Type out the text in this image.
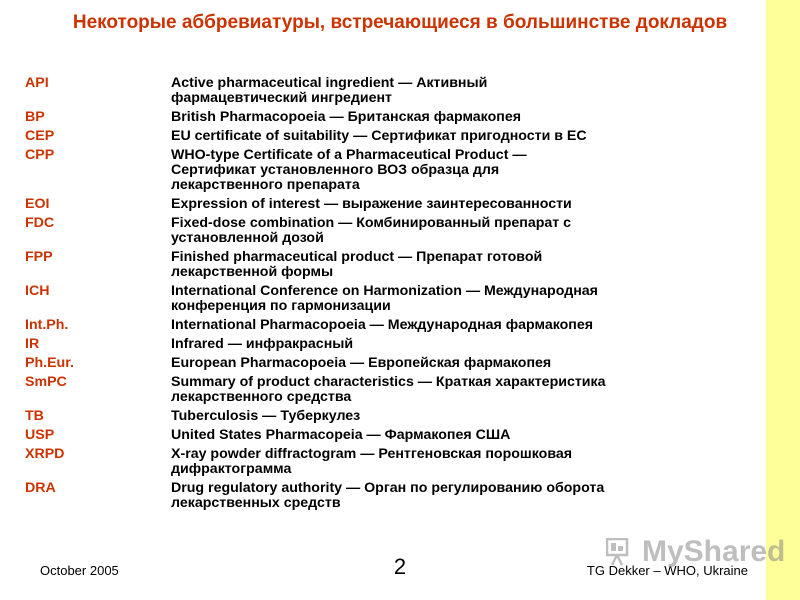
Некоторые аббревиатуры, встречающиеся в большинстве докладов
API	Active pharmaceutical ingredient — Активный
фармацевтический ингредиент
BP	British Pharmacopoeia — Британская фармакопея
CEP	EU certificate of suitability — Сертификат пригодности в ЕС
CPP	WHO-type Certificate of a Pharmaceutical Product —
Сертификат установленного ВОЗ образца для
лекарственного препарата
EOI	Expression of interest — выражение заинтересованности
FDC	Fixed-dose combination — Комбинированный препарат с
установленной дозой
FPP	Finished pharmaceutical product — Препарат готовой
лекарственной формы
ICH	International Conference on Harmonization — Международная
конференция по гармонизации
Int.Ph.	International Pharmacopoeia — Международная фармакопея
IR	Infrared — инфракрасный
Ph.Eur.	European Pharmacopoeia — Европейская фармакопея
SmPC	Summary of product characteristics — Краткая характеристика
лекарственного средства
TB	Tuberculosis — Туберкулез
USP	United States Pharmacopeia — Фармакопея США
XRPD	X-ray powder diffractogram — Рентгеновская порошковая
дифрактограмма
DRA	Drug regulatory authority — Орган по регулированию оборота
лекарственных средств
October 2005	2	TG Dekker – WHO, Ukraine
MyShared
